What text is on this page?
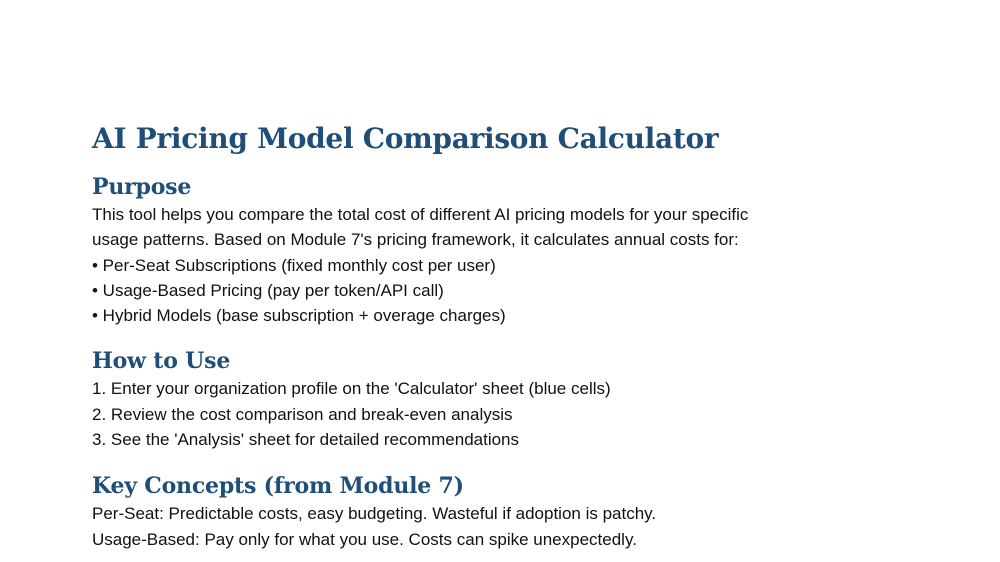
AI Pricing Model Comparison Calculator
Purpose

This tool helps you compare the total cost of different AI pricing models for your specific

usage patterns. Based on Module 7's pricing framework, it calculates annual costs for:

• Per-Seat Subscriptions (fixed monthly cost per user)

• Usage-Based Pricing (pay per token/API call)

• Hybrid Models (base subscription + overage charges)

How to Use

1. Enter your organization profile on the 'Calculator' sheet (blue cells)

2. Review the cost comparison and break-even analysis

3. See the 'Analysis' sheet for detailed recommendations

Key Concepts (from Module 7)

Per-Seat: Predictable costs, easy budgeting. Wasteful if adoption is patchy.

Usage-Based: Pay only for what you use. Costs can spike unexpectedly.
